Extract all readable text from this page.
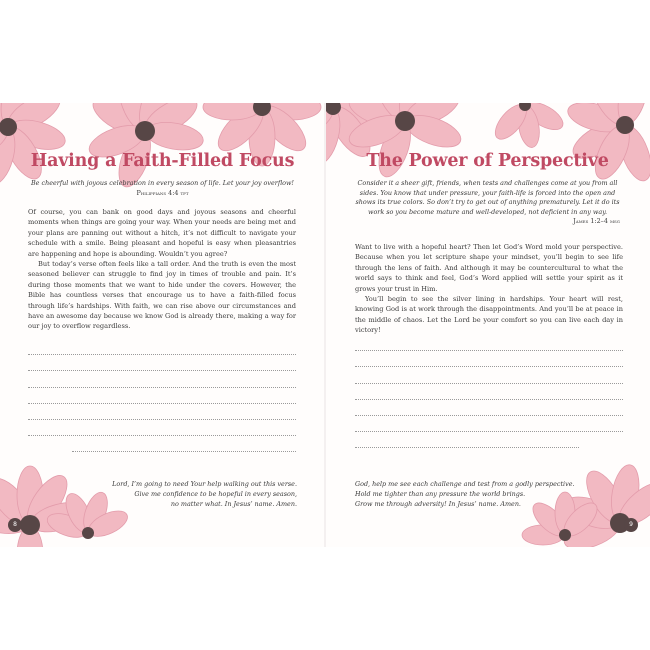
Having a Faith-Filled Focus
Be cheerful with joyous celebration in every season of life. Let your joy overflow!
Philippians 4:4 tpt

Of course, you can bank on good days and joyous seasons and cheerful moments when things are going your way. When your needs are being met and your plans are panning out without a hitch, it’s not difficult to navigate your schedule with a smile. Being pleasant and hopeful is easy when pleasantries are happening and hope is abounding. Wouldn’t you agree?

But today’s verse often feels like a tall order. And the truth is even the most seasoned believer can struggle to find joy in times of trouble and pain. It’s during those moments that we want to hide under the covers. However, the Bible has countless verses that encourage us to have a faith-filled focus through life’s hardships. With faith, we can rise above our circumstances and have an awesome day because we know God is already there, making a way for our joy to overflow regardless.

Lord, I’m going to need Your help walking out this verse.
Give me confidence to be hopeful in every season,
no matter what. In Jesus’ name. Amen.
8
The Power of Perspective
Consider it a sheer gift, friends, when tests and challenges come at you from all sides. You know that under pressure, your faith-life is forced into the open and shows its true colors. So don’t try to get out of anything prematurely. Let it do its work so you become mature and well-developed, not deficient in any way.
James 1:2–4 msg

Want to live with a hopeful heart? Then let God’s Word mold your perspective. Because when you let scripture shape your mindset, you’ll begin to see life through the lens of faith. And although it may be countercultural to what the world says to think and feel, God’s Word applied will settle your spirit as it grows your trust in Him.

You’ll begin to see the silver lining in hardships. Your heart will rest, knowing God is at work through the disappointments. And you’ll be at peace in the middle of chaos. Let the Lord be your comfort so you can live each day in victory!

God, help me see each challenge and test from a godly perspective.
Hold me tighter than any pressure the world brings.
Grow me through adversity! In Jesus’ name. Amen.
9
